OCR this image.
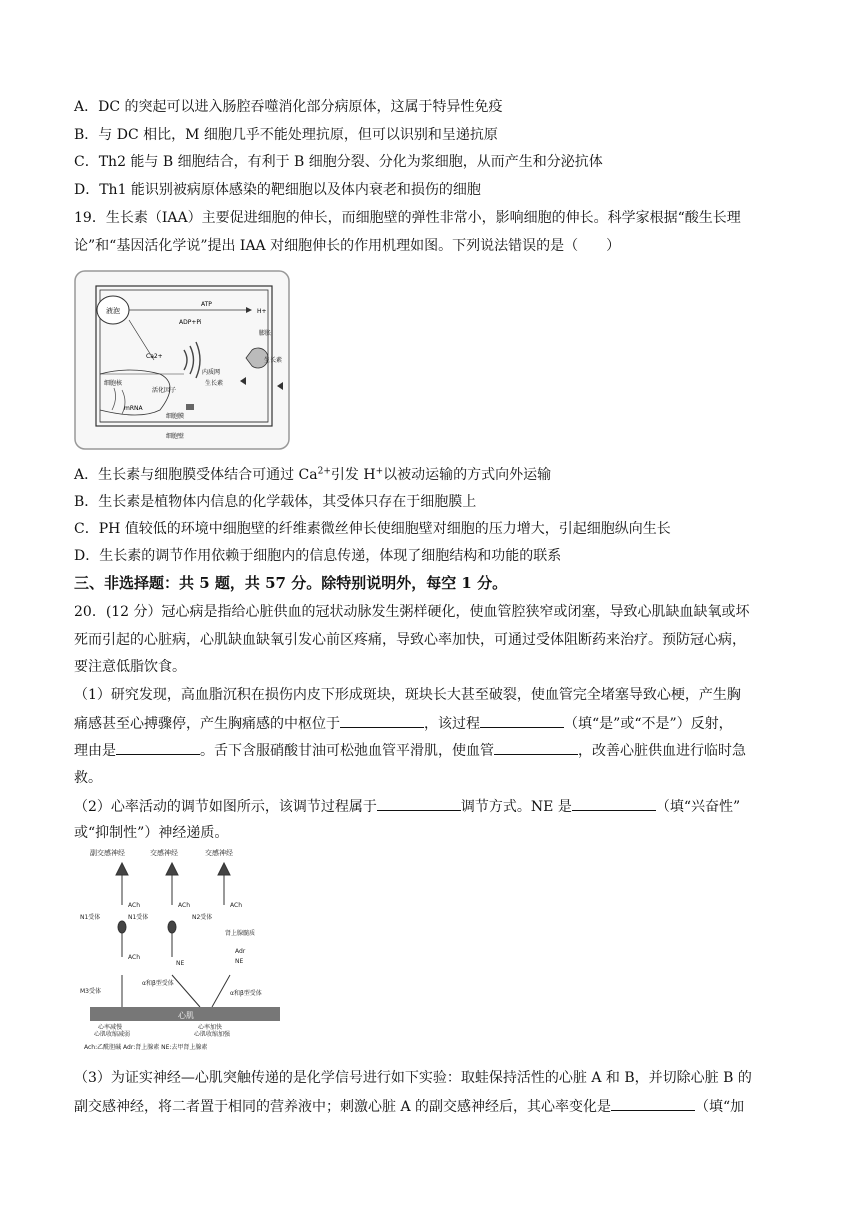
A．DC 的突起可以进入肠腔吞噬消化部分病原体，这属于特异性免疫
B．与 DC 相比，M 细胞几乎不能处理抗原，但可以识别和呈递抗原
C．Th2 能与 B 细胞结合，有利于 B 细胞分裂、分化为浆细胞，从而产生和分泌抗体
D．Th1 能识别被病原体感染的靶细胞以及体内衰老和损伤的细胞
19．生长素（IAA）主要促进细胞的伸长，而细胞壁的弹性非常小，影响细胞的伸长。科学家根据“酸生长理
论”和“基因活化学说”提出 IAA 对细胞伸长的作用机理如图。下列说法错误的是（　　）
液泡
ATP
ADP+Pi
H+
膨胀
Ca2+
内质网
生长素
生长素
细胞核
活化因子
mRNA
细胞膜
细胞壁
A．生长素与细胞膜受体结合可通过 $Ca^{2+}$引发 H+以被动运输的方式向外运输
B．生长素是植物体内信息的化学载体，其受体只存在于细胞膜上
C．PH 值较低的环境中细胞壁的纤维素微丝伸长使细胞壁对细胞的压力增大，引起细胞纵向生长
D．生长素的调节作用依赖于细胞内的信息传递，体现了细胞结构和功能的联系
三、非选择题：共 5 题，共 57 分。除特别说明外，每空 1 分。
20．(12 分）冠心病是指给心脏供血的冠状动脉发生粥样硬化，使血管腔狭窄或闭塞，导致心肌缺血缺氧或坏
死而引起的心脏病，心肌缺血缺氧引发心前区疼痛，导致心率加快，可通过受体阻断药来治疗。预防冠心病，
要注意低脂饮食。
（1）研究发现，高血脂沉积在损伤内皮下形成斑块，斑块长大甚至破裂，使血管完全堵塞导致心梗，产生胸
痛感甚至心搏骤停，产生胸痛感的中枢位于	，该过程	（填“是”或“不是”）反射，
理由是	。舌下含服硝酸甘油可松弛血管平滑肌，使血管	，改善心脏供血进行临时急
救。
（2）心率活动的调节如图所示，该调节过程属于	调节方式。NE 是	（填“兴奋性”
或“抑制性”）神经递质。
副交感神经	交感神经	交感神经
ACh	ACh	ACh
N1受体	N1受体	N2受体
肾上腺髓质
Adr
NE
ACh
NE
M3受体
α和β型受体
α和β型受体
心肌
心率减慢
心肌收缩减弱
心率加快
心肌收缩加强
Ach:乙酰胆碱 Adr:肾上腺素 NE:去甲肾上腺素
（3）为证实神经—心肌突触传递的是化学信号进行如下实验：取蛙保持活性的心脏 A 和 B，并切除心脏 B 的
副交感神经，将二者置于相同的营养液中；刺激心脏 A 的副交感神经后，其心率变化是	（填“加
